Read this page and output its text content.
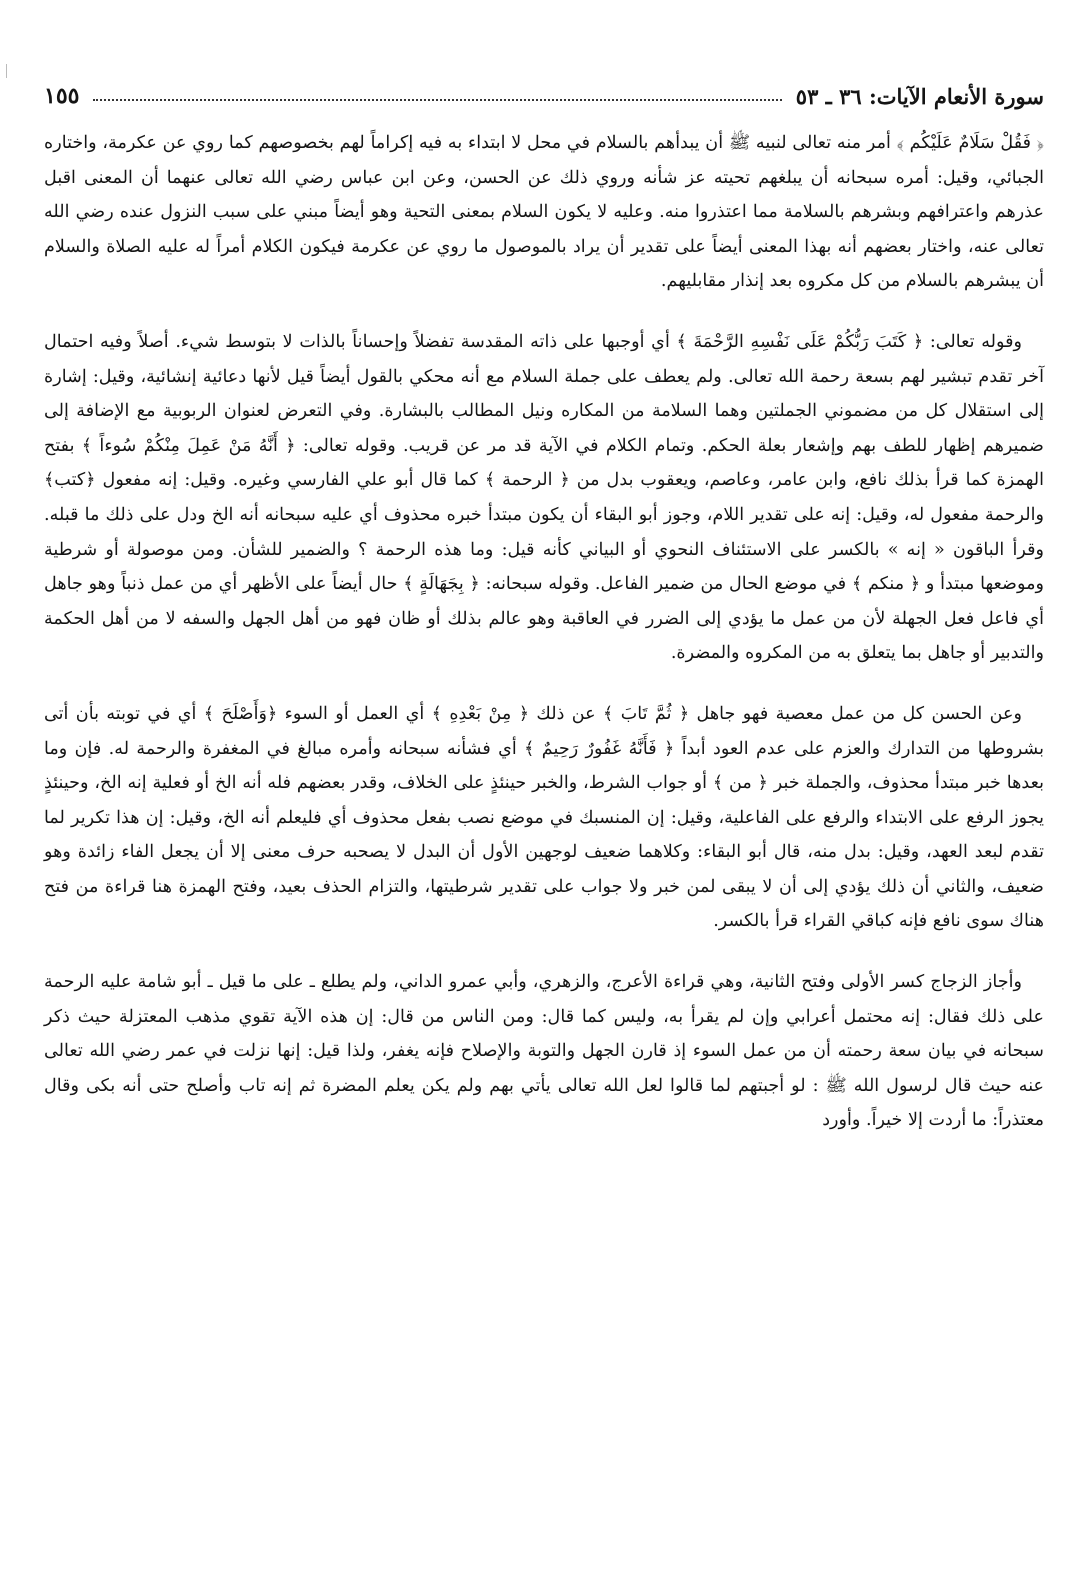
سورة الأنعام الآيات: ٣٦ ـ ٥٣
١٥٥

﴿ فَقُلْ سَلَامٌ عَلَيْكُم ﴾ أمر منه تعالى لنبيه ﷺ أن يبدأهم بالسلام في محل لا ابتداء به فيه إكراماً لهم بخصوصهم كما روي عن عكرمة، واختاره الجبائي، وقيل: أمره سبحانه أن يبلغهم تحيته عز شأنه وروي ذلك عن الحسن، وعن ابن عباس رضي الله تعالى عنهما أن المعنى اقبل عذرهم واعترافهم وبشرهم بالسلامة مما اعتذروا منه. وعليه لا يكون السلام بمعنى التحية وهو أيضاً مبني على سبب النزول عنده رضي الله تعالى عنه، واختار بعضهم أنه بهذا المعنى أيضاً على تقدير أن يراد بالموصول ما روي عن عكرمة فيكون الكلام أمراً له عليه الصلاة والسلام أن يبشرهم بالسلام من كل مكروه بعد إنذار مقابليهم.

وقوله تعالى: ﴿ كَتَبَ رَبُّكُمْ عَلَى نَفْسِهِ الرَّحْمَةَ ﴾ أي أوجبها على ذاته المقدسة تفضلاً وإحساناً بالذات لا بتوسط شيء. أصلاً وفيه احتمال آخر تقدم تبشير لهم بسعة رحمة الله تعالى. ولم يعطف على جملة السلام مع أنه محكي بالقول أيضاً قيل لأنها دعائية إنشائية، وقيل: إشارة إلى استقلال كل من مضموني الجملتين وهما السلامة من المكاره ونيل المطالب بالبشارة. وفي التعرض لعنوان الربوبية مع الإضافة إلى ضميرهم إظهار للطف بهم وإشعار بعلة الحكم. وتمام الكلام في الآية قد مر عن قريب. وقوله تعالى: ﴿ أَنَّهُ مَنْ عَمِلَ مِنْكُمْ سُوءاً ﴾ بفتح الهمزة كما قرأ بذلك نافع، وابن عامر، وعاصم، ويعقوب بدل من ﴿ الرحمة ﴾ كما قال أبو علي الفارسي وغيره. وقيل: إنه مفعول ﴿كتب﴾ والرحمة مفعول له، وقيل: إنه على تقدير اللام، وجوز أبو البقاء أن يكون مبتدأ خبره محذوف أي عليه سبحانه أنه الخ ودل على ذلك ما قبله. وقرأ الباقون « إنه » بالكسر على الاستئناف النحوي أو البياني كأنه قيل: وما هذه الرحمة ؟ والضمير للشأن. ومن موصولة أو شرطية وموضعها مبتدأ و ﴿ منكم ﴾ في موضع الحال من ضمير الفاعل. وقوله سبحانه: ﴿ بِجَهَالَةٍ ﴾ حال أيضاً على الأظهر أي من عمل ذنباً وهو جاهل أي فاعل فعل الجهلة لأن من عمل ما يؤدي إلى الضرر في العاقبة وهو عالم بذلك أو ظان فهو من أهل الجهل والسفه لا من أهل الحكمة والتدبير أو جاهل بما يتعلق به من المكروه والمضرة.

وعن الحسن كل من عمل معصية فهو جاهل ﴿ ثُمَّ تَابَ ﴾ عن ذلك ﴿ مِنْ بَعْدِهِ ﴾ أي العمل أو السوء ﴿وَأَصْلَحَ ﴾ أي في توبته بأن أتى بشروطها من التدارك والعزم على عدم العود أبداً ﴿ فَأَنَّهُ غَفُورٌ رَحِيمٌ ﴾ أي فشأنه سبحانه وأمره مبالغ في المغفرة والرحمة له. فإن وما بعدها خبر مبتدأ محذوف، والجملة خبر ﴿ من ﴾ أو جواب الشرط، والخبر حينئذٍ على الخلاف، وقدر بعضهم فله أنه الخ أو فعلية إنه الخ، وحينئذٍ يجوز الرفع على الابتداء والرفع على الفاعلية، وقيل: إن المنسبك في موضع نصب بفعل محذوف أي فليعلم أنه الخ، وقيل: إن هذا تكرير لما تقدم لبعد العهد، وقيل: بدل منه، قال أبو البقاء: وكلاهما ضعيف لوجهين الأول أن البدل لا يصحبه حرف معنى إلا أن يجعل الفاء زائدة وهو ضعيف، والثاني أن ذلك يؤدي إلى أن لا يبقى لمن خبر ولا جواب على تقدير شرطيتها، والتزام الحذف بعيد، وفتح الهمزة هنا قراءة من فتح هناك سوى نافع فإنه كباقي القراء قرأ بالكسر.

وأجاز الزجاج كسر الأولى وفتح الثانية، وهي قراءة الأعرج، والزهري، وأبي عمرو الداني، ولم يطلع ـ على ما قيل ـ أبو شامة عليه الرحمة على ذلك فقال: إنه محتمل أعرابي وإن لم يقرأ به، وليس كما قال: ومن الناس من قال: إن هذه الآية تقوي مذهب المعتزلة حيث ذكر سبحانه في بيان سعة رحمته أن من عمل السوء إذ قارن الجهل والتوبة والإصلاح فإنه يغفر، ولذا قيل: إنها نزلت في عمر رضي الله تعالى عنه حيث قال لرسول الله ﷺ : لو أجبتهم لما قالوا لعل الله تعالى يأتي بهم ولم يكن يعلم المضرة ثم إنه تاب وأصلح حتى أنه بكى وقال معتذراً: ما أردت إلا خيراً. وأورد
